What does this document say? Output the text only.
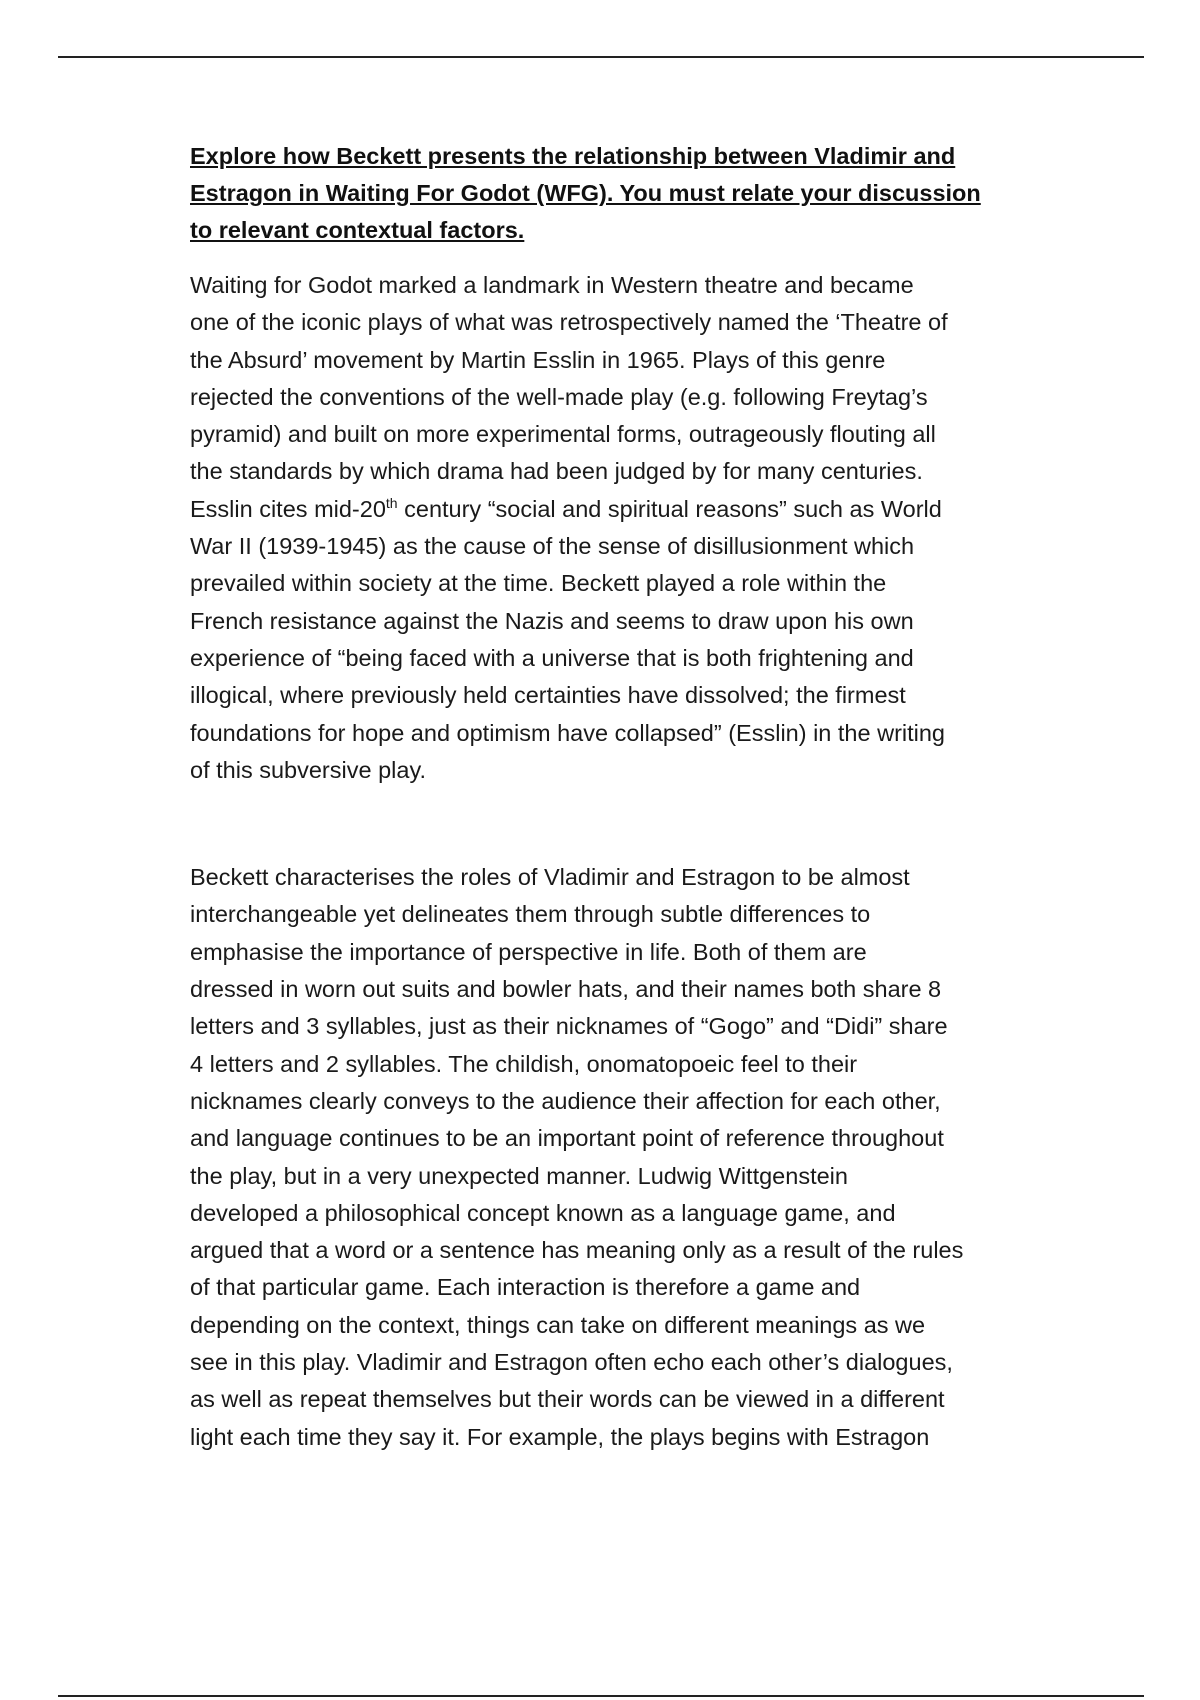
Explore how Beckett presents the relationship between Vladimir and
Estragon in Waiting For Godot (WFG). You must relate your discussion
to relevant contextual factors.

Waiting for Godot marked a landmark in Western theatre and became
one of the iconic plays of what was retrospectively named the ‘Theatre of
the Absurd’ movement by Martin Esslin in 1965. Plays of this genre
rejected the conventions of the well-made play (e.g. following Freytag’s
pyramid) and built on more experimental forms, outrageously flouting all
the standards by which drama had been judged by for many centuries.
Esslin cites mid-20th century “social and spiritual reasons” such as World
War II (1939-1945) as the cause of the sense of disillusionment which
prevailed within society at the time. Beckett played a role within the
French resistance against the Nazis and seems to draw upon his own
experience of “being faced with a universe that is both frightening and
illogical, where previously held certainties have dissolved; the firmest
foundations for hope and optimism have collapsed” (Esslin) in the writing
of this subversive play.

Beckett characterises the roles of Vladimir and Estragon to be almost
interchangeable yet delineates them through subtle differences to
emphasise the importance of perspective in life. Both of them are
dressed in worn out suits and bowler hats, and their names both share 8
letters and 3 syllables, just as their nicknames of “Gogo” and “Didi” share
4 letters and 2 syllables. The childish, onomatopoeic feel to their
nicknames clearly conveys to the audience their affection for each other,
and language continues to be an important point of reference throughout
the play, but in a very unexpected manner. Ludwig Wittgenstein
developed a philosophical concept known as a language game, and
argued that a word or a sentence has meaning only as a result of the rules
of that particular game. Each interaction is therefore a game and
depending on the context, things can take on different meanings as we
see in this play. Vladimir and Estragon often echo each other’s dialogues,
as well as repeat themselves but their words can be viewed in a different
light each time they say it. For example, the plays begins with Estragon
